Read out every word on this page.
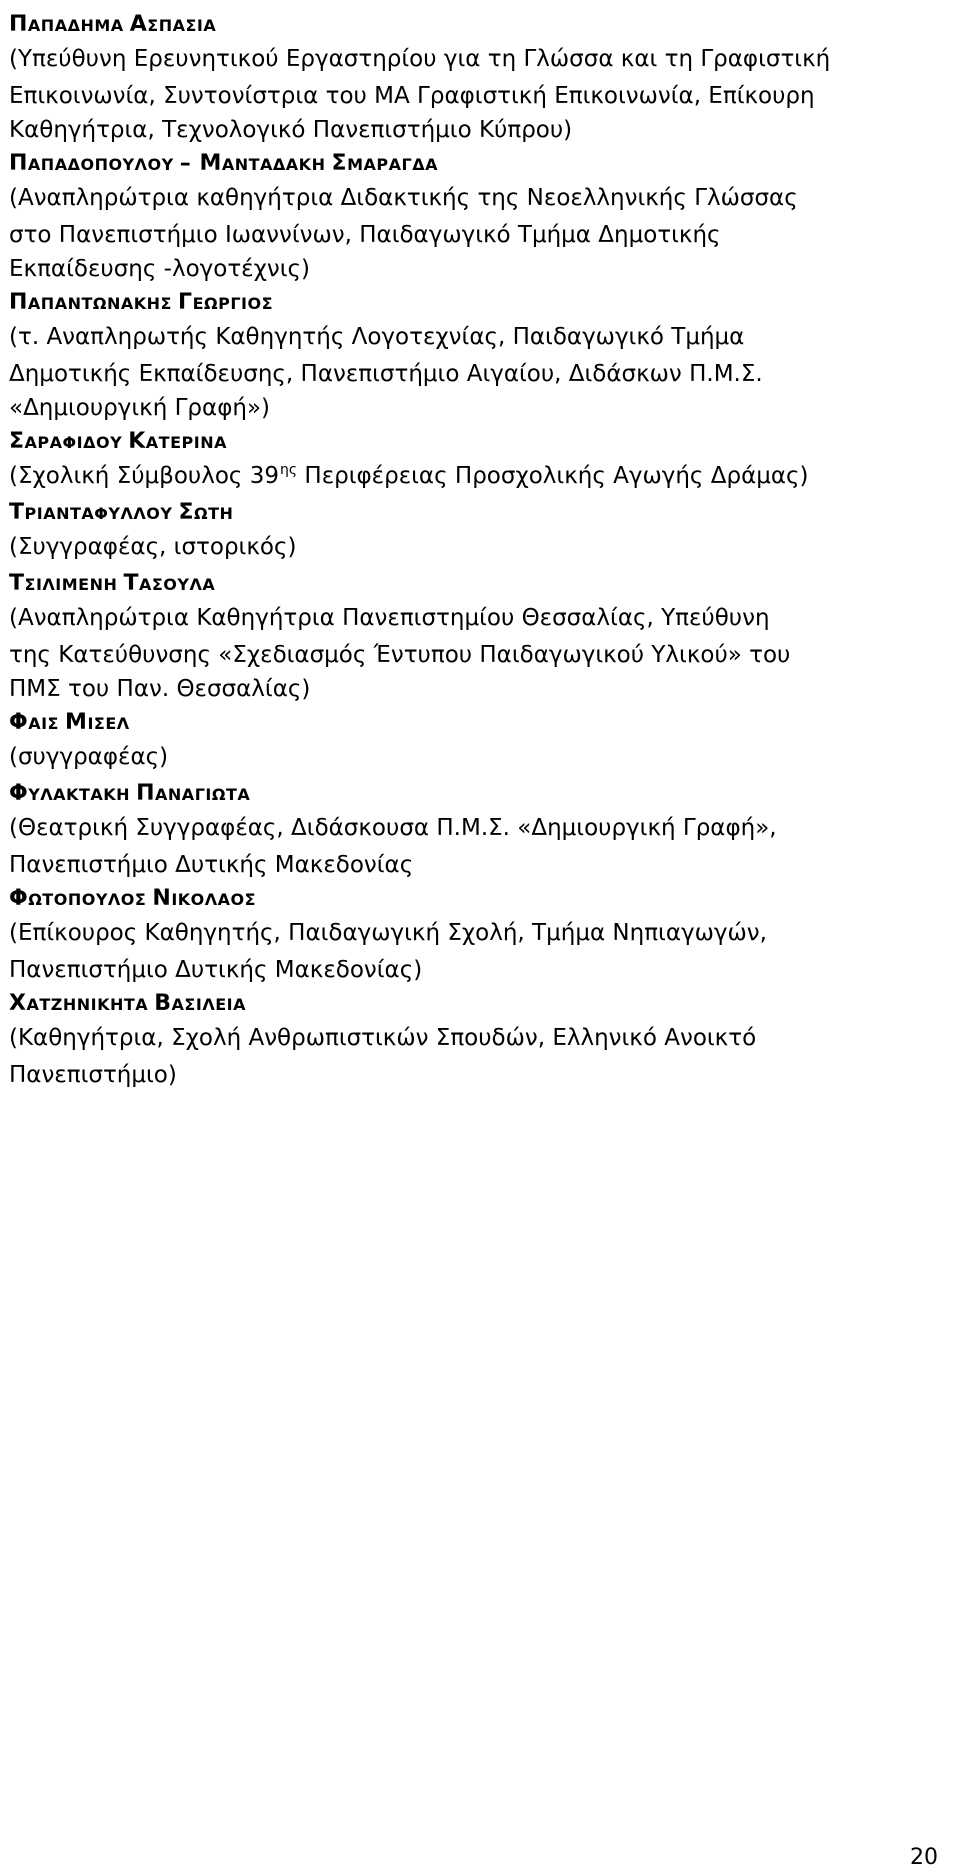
ΠΑΠΑΔΗΜΑ ΑΣΠΑΣΙΑ
(Υπεύθυνη Ερευνητικού Εργαστηρίου για τη Γλώσσα και τη Γραφιστική
Επικοινωνία, Συντονίστρια του ΜΑ Γραφιστική Επικοινωνία, Επίκουρη
Καθηγήτρια, Τεχνολογικό Πανεπιστήμιο Κύπρου)
ΠΑΠΑΔΟΠΟΥΛΟΥ – ΜΑΝΤΑΔΑΚΗ ΣΜΑΡΑΓΔΑ
(Αναπληρώτρια καθηγήτρια Διδακτικής της Νεοελληνικής Γλώσσας
στο Πανεπιστήμιο Ιωαννίνων, Παιδαγωγικό Τμήμα Δημοτικής
Εκπαίδευσης -λογοτέχνις)
ΠΑΠΑΝΤΩΝΑΚΗΣ ΓΕΩΡΓΙΟΣ
(τ. Αναπληρωτής Καθηγητής Λογοτεχνίας, Παιδαγωγικό Τμήμα
Δημοτικής Εκπαίδευσης, Πανεπιστήμιο Αιγαίου, Διδάσκων Π.Μ.Σ.
«Δημιουργική Γραφή»)
ΣΑΡΑΦΙΔΟΥ ΚΑΤΕΡΙΝΑ
(Σχολική Σύμβουλος $39^{\eta\varsigma}$ Περιφέρειας Προσχολικής Αγωγής Δράμας)
ΤΡΙΑΝΤΑΦΥΛΛΟΥ ΣΩΤΗ
(Συγγραφέας, ιστορικός)
ΤΣΙΛΙΜΕΝΗ ΤΑΣΟΥΛΑ
(Αναπληρώτρια Καθηγήτρια Πανεπιστημίου Θεσσαλίας, Υπεύθυνη
της Κατεύθυνσης «Σχεδιασμός Έντυπου Παιδαγωγικού Υλικού» του
ΠΜΣ του Παν. Θεσσαλίας)
ΦΑΙΣ ΜΙΣΕΛ
(συγγραφέας)
ΦΥΛΑΚΤΑΚΗ ΠΑΝΑΓΙΩΤΑ
(Θεατρική Συγγραφέας, Διδάσκουσα Π.Μ.Σ. «Δημιουργική Γραφή»,
Πανεπιστήμιο Δυτικής Μακεδονίας
ΦΩΤΟΠΟΥΛΟΣ ΝΙΚΟΛΑΟΣ
(Επίκουρος Καθηγητής, Παιδαγωγική Σχολή, Τμήμα Νηπιαγωγών,
Πανεπιστήμιο Δυτικής Μακεδονίας)
ΧΑΤΖΗΝΙΚΗΤΑ ΒΑΣΙΛΕΙΑ
(Καθηγήτρια, Σχολή Ανθρωπιστικών Σπουδών, Ελληνικό Ανοικτό
Πανεπιστήμιο)
20
